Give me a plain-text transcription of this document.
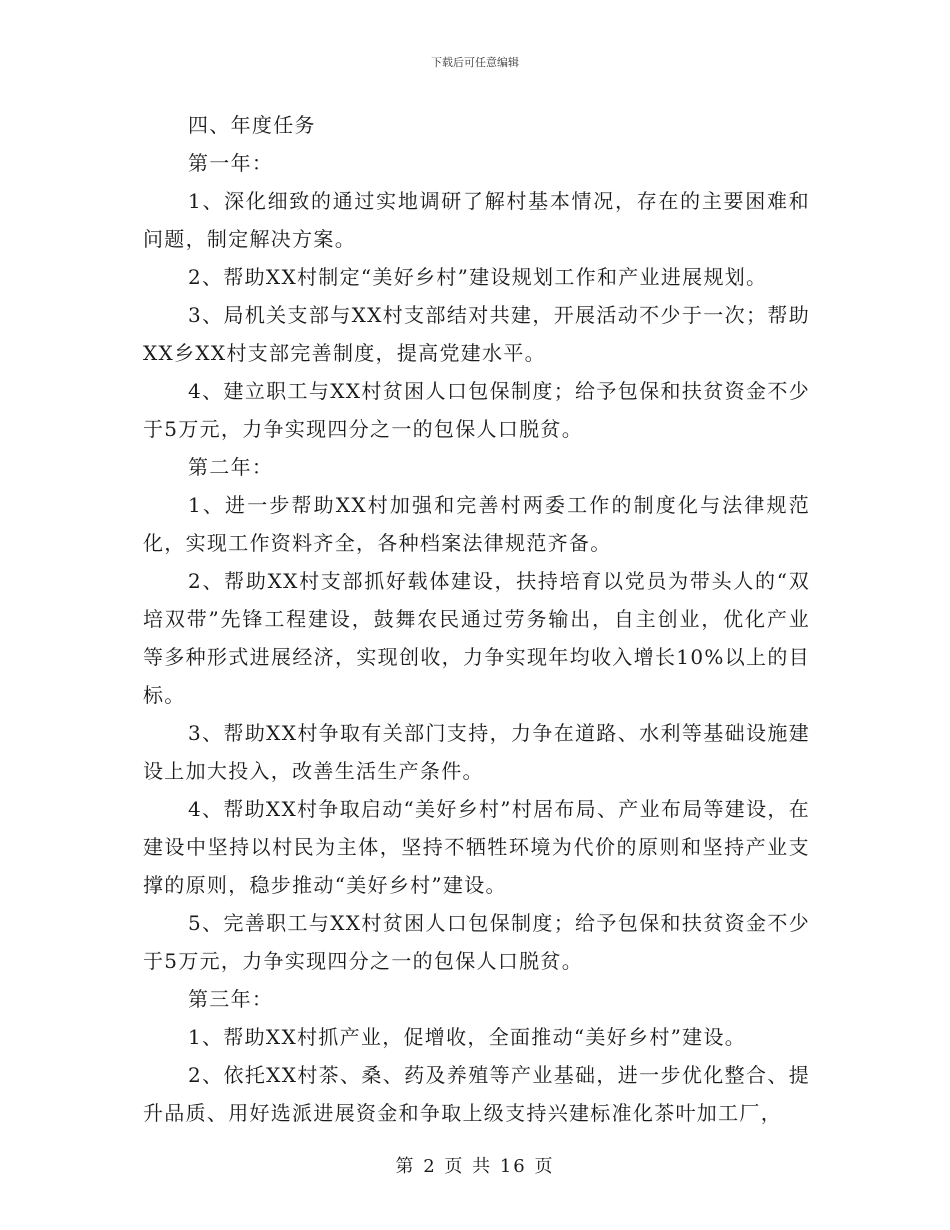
下载后可任意编辑

四、年度任务

第一年：

1、深化细致的通过实地调研了解村基本情况，存在的主要困难和问题，制定解决方案。

2、帮助XX村制定“美好乡村”建设规划工作和产业进展规划。

3、局机关支部与XX村支部结对共建，开展活动不少于一次；帮助XX乡XX村支部完善制度，提高党建水平。

4、建立职工与XX村贫困人口包保制度；给予包保和扶贫资金不少于5万元，力争实现四分之一的包保人口脱贫。

第二年：

1、进一步帮助XX村加强和完善村两委工作的制度化与法律规范化，实现工作资料齐全，各种档案法律规范齐备。

2、帮助XX村支部抓好载体建设，扶持培育以党员为带头人的“双培双带”先锋工程建设，鼓舞农民通过劳务输出，自主创业，优化产业等多种形式进展经济，实现创收，力争实现年均收入增长10%以上的目标。

3、帮助XX村争取有关部门支持，力争在道路、水利等基础设施建设上加大投入，改善生活生产条件。

4、帮助XX村争取启动“美好乡村”村居布局、产业布局等建设，在建设中坚持以村民为主体，坚持不牺牲环境为代价的原则和坚持产业支撑的原则，稳步推动“美好乡村”建设。

5、完善职工与XX村贫困人口包保制度；给予包保和扶贫资金不少于5万元，力争实现四分之一的包保人口脱贫。

第三年：

1、帮助XX村抓产业，促增收，全面推动“美好乡村”建设。

2、依托XX村茶、桑、药及养殖等产业基础，进一步优化整合、提升品质、用好选派进展资金和争取上级支持兴建标准化茶叶加工厂，

第 2 页 共 16 页
